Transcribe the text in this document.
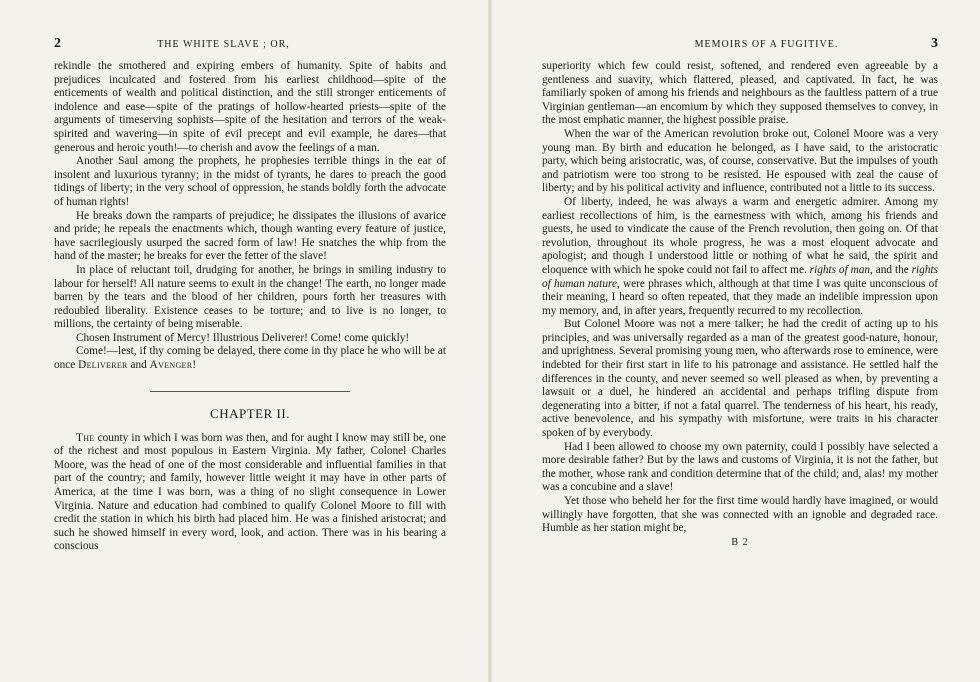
2	THE WHITE SLAVE ; OR,

rekindle the smothered and expiring embers of humanity. Spite of habits and prejudices inculcated and fostered from his earliest childhood—spite of the enticements of wealth and political distinction, and the still stronger enticements of indolence and ease—spite of the pratings of hollow-hearted priests—spite of the arguments of timeserving sophists—spite of the hesitation and terrors of the weak-spirited and wavering—in spite of evil precept and evil example, he dares—that generous and heroic youth!—to cherish and avow the feelings of a man.

Another Saul among the prophets, he prophesies terrible things in the ear of insolent and luxurious tyranny; in the midst of tyrants, he dares to preach the good tidings of liberty; in the very school of oppression, he stands boldly forth the advocate of human rights!

He breaks down the ramparts of prejudice; he dissipates the illusions of avarice and pride; he repeals the enactments which, though wanting every feature of justice, have sacrilegiously usurped the sacred form of law! He snatches the whip from the hand of the master; he breaks for ever the fetter of the slave!

In place of reluctant toil, drudging for another, he brings in smiling industry to labour for herself! All nature seems to exult in the change! The earth, no longer made barren by the tears and the blood of her children, pours forth her treasures with redoubled liberality. Existence ceases to be torture; and to live is no longer, to millions, the certainty of being miserable.

Chosen Instrument of Mercy! Illustrious Deliverer! Come! come quickly!

Come!—lest, if thy coming be delayed, there come in thy place he who will be at once Deliverer and Avenger!

CHAPTER II.

The county in which I was born was then, and for aught I know may still be, one of the richest and most populous in Eastern Virginia. My father, Colonel Charles Moore, was the head of one of the most considerable and influential families in that part of the country; and family, however little weight it may have in other parts of America, at the time I was born, was a thing of no slight consequence in Lower Virginia. Nature and education had combined to qualify Colonel Moore to fill with credit the station in which his birth had placed him. He was a finished aristocrat; and such he showed himself in every word, look, and action. There was in his bearing a conscious

MEMOIRS OF A FUGITIVE.	3

superiority which few could resist, softened, and rendered even agreeable by a gentleness and suavity, which flattered, pleased, and captivated. In fact, he was familiarly spoken of among his friends and neighbours as the faultless pattern of a true Virginian gentleman—an encomium by which they supposed themselves to convey, in the most emphatic manner, the highest possible praise.

When the war of the American revolution broke out, Colonel Moore was a very young man. By birth and education he belonged, as I have said, to the aristocratic party, which being aristocratic, was, of course, conservative. But the impulses of youth and patriotism were too strong to be resisted. He espoused with zeal the cause of liberty; and by his political activity and influence, contributed not a little to its success.

Of liberty, indeed, he was always a warm and energetic admirer. Among my earliest recollections of him, is the earnestness with which, among his friends and guests, he used to vindicate the cause of the French revolution, then going on. Of that revolution, throughout its whole progress, he was a most eloquent advocate and apologist; and though I understood little or nothing of what he said, the spirit and eloquence with which he spoke could not fail to affect me. rights of man, and the rights of human nature, were phrases which, although at that time I was quite unconscious of their meaning, I heard so often repeated, that they made an indelible impression upon my memory, and, in after years, frequently recurred to my recollection.

But Colonel Moore was not a mere talker; he had the credit of acting up to his principles, and was universally regarded as a man of the greatest good-nature, honour, and uprightness. Several promising young men, who afterwards rose to eminence, were indebted for their first start in life to his patronage and assistance. He settled half the differences in the county, and never seemed so well pleased as when, by preventing a lawsuit or a duel, he hindered an accidental and perhaps trifling dispute from degenerating into a bitter, if not a fatal quarrel. The tenderness of his heart, his ready, active benevolence, and his sympathy with misfortune, were traits in his character spoken of by everybody.

Had I been allowed to choose my own paternity, could I possibly have selected a more desirable father? But by the laws and customs of Virginia, it is not the father, but the mother, whose rank and condition determine that of the child; and, alas! my mother was a concubine and a slave!

Yet those who beheld her for the first time would hardly have imagined, or would willingly have forgotten, that she was connected with an ignoble and degraded race. Humble as her station might be,

B 2
